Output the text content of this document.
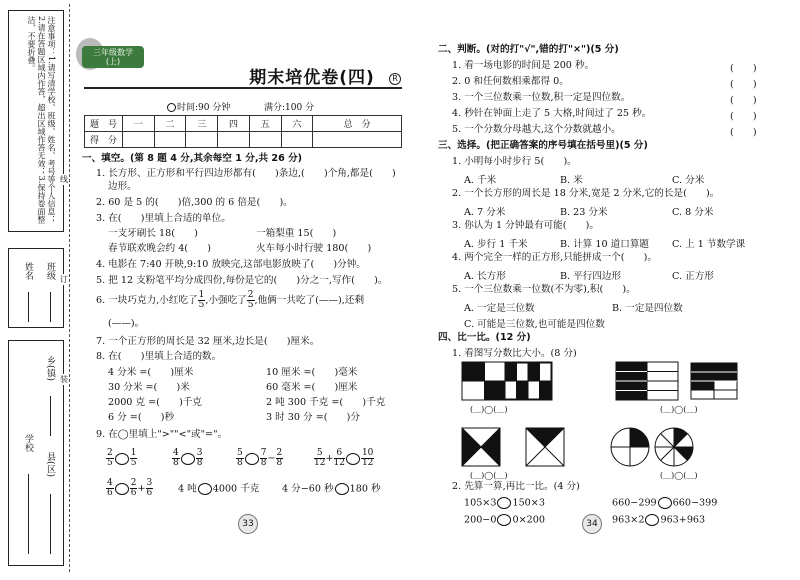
注意事项：1.请写清学校、班级、姓名、考号等个人信息；2.请在答题区域内作答，超出区域作答无效；3.保持卷面整洁，不要折叠。
班级
姓名
乡(镇)
县(区)
学校
线
订
装
三年级数学
(上)
期末培优卷(四)	R
时间:90 分钟	满分:100 分
题　号	一	二	三	四	五	六	总　分
得　分							
一、填空。(第 8 题 4 分,其余每空 1 分,共 26 分)
1. 长方形、正方形和平行四边形都有(　　)条边,(　　)个角,都是(　　)
边形。
2. 60 是 5 的(　　)倍,300 的 6 倍是(　　)。
3. 在(　　)里填上合适的单位。
一支牙刷长 18(　　)	一箱梨重 15(　　)
春节联欢晚会约 4(　　)	火车每小时行驶 180(　　)
4. 电影在 7:40 开映,9:10 放映完,这部电影放映了(　　)分钟。
5. 把 12 支粉笔平均分成四份,每份是它的(　　)分之一,写作(　　)。
6. 一块巧克力,小红吃了 $\frac{1}{5}$ ,小强吃了 $\frac{2}{5}$ ,他俩一共吃了(——),还剩
(——)。
7. 一个正方形的周长是 32 厘米,边长是(　　)厘米。
8. 在(　　)里填上合适的数。
4 分米 =(　　)厘米	10 厘米 =(　　)毫米
30 分米 =(　　)米	60 毫米 =(　　)厘米
2000 克 =(　　)千克	2 吨 300 千克 =(　　)千克
6 分 =(　　)秒	3 时 30 分 =(　　)分
9. 在◯里填上">""<"或"="。
$\frac{2}{5} \frac{1}{5}$	$\frac{4}{8} \frac{3}{8}$	$\frac{5}{8} \frac{7}{8} - \frac{2}{8}$	$\frac{5}{12} + \frac{6}{12} \frac{10}{12}$
$\frac{4}{6} \frac{2}{6} + \frac{3}{6}$	4 吨 4000 千克 4 分−60 秒 180 秒
33
二、判断。(对的打"√",错的打"×")(5 分)
1. 看一场电影的时间是 200 秒。	(　　)
2. 0 和任何数相乘都得 0。	(　　)
3. 一个三位数乘一位数,积一定是四位数。	(　　)
4. 秒针在钟面上走了 5 大格,时间过了 25 秒。	(　　)
5. 一个分数分母越大,这个分数就越小。	(　　)
三、选择。(把正确答案的序号填在括号里)(5 分)
1. 小明每小时步行 5(　　)。
A. 千米	B. 米	C. 分米
2. 一个长方形的周长是 18 分米,宽是 2 分米,它的长是(　　)。
A. 7 分米	B. 23 分米	C. 8 分米
3. 你认为 1 分钟最有可能(　　)。
A. 步行 1 千米	B. 计算 10 道口算题 C. 上 1 节数学课
4. 两个完全一样的正方形,只能拼成一个(　　)。
A. 长方形	B. 平行四边形	C. 正方形
5. 一个三位数乘一位数(不为零),积(　　)。
A. 一定是三位数	B. 一定是四位数
C. 可能是三位数,也可能是四位数
四、比一比。(12 分)
1. 看图写分数比大小。(8 分)
(＿)◯(＿)	(＿)◯(＿)
(＿)◯(＿)	(＿)◯(＿)
2. 先算一算,再比一比。(4 分)
105×3 150×3	660−299 660−399
200−0 0×200	963×2 963+963
34
